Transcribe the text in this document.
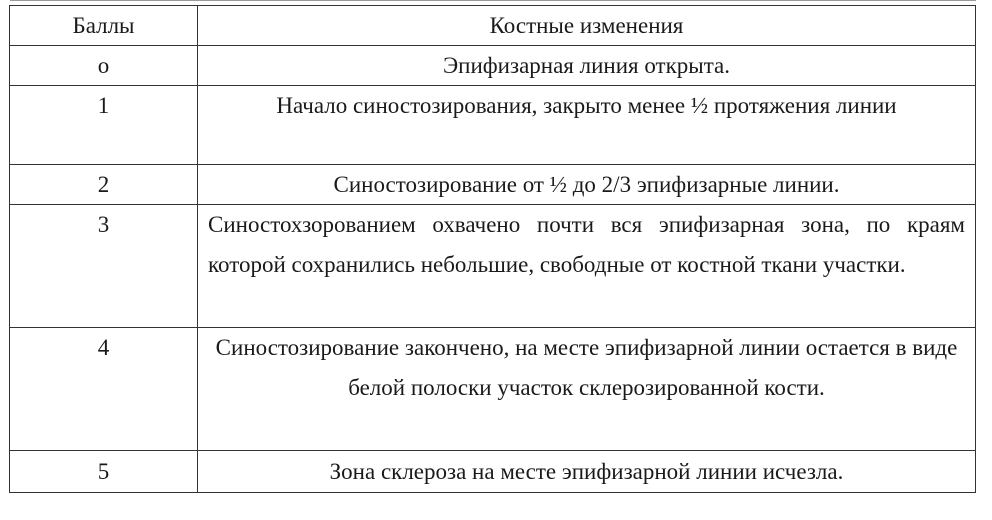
Баллы	Костные изменения
о	Эпифизарная линия открыта.
1	Начало синостозирования, закрыто менее ½ протяжения линии
2	Синостозирование от ½ до 2/3 эпифизарные линии.
3	Синостохзорованием охвачено почти вся эпифизарная зона, по краям которой сохранились небольшие, свободные от костной ткани участки.
4	Синостозирование закончено, на месте эпифизарной линии остается в виде белой полоски участок склерозированной кости.
5	Зона склероза на месте эпифизарной линии исчезла.
